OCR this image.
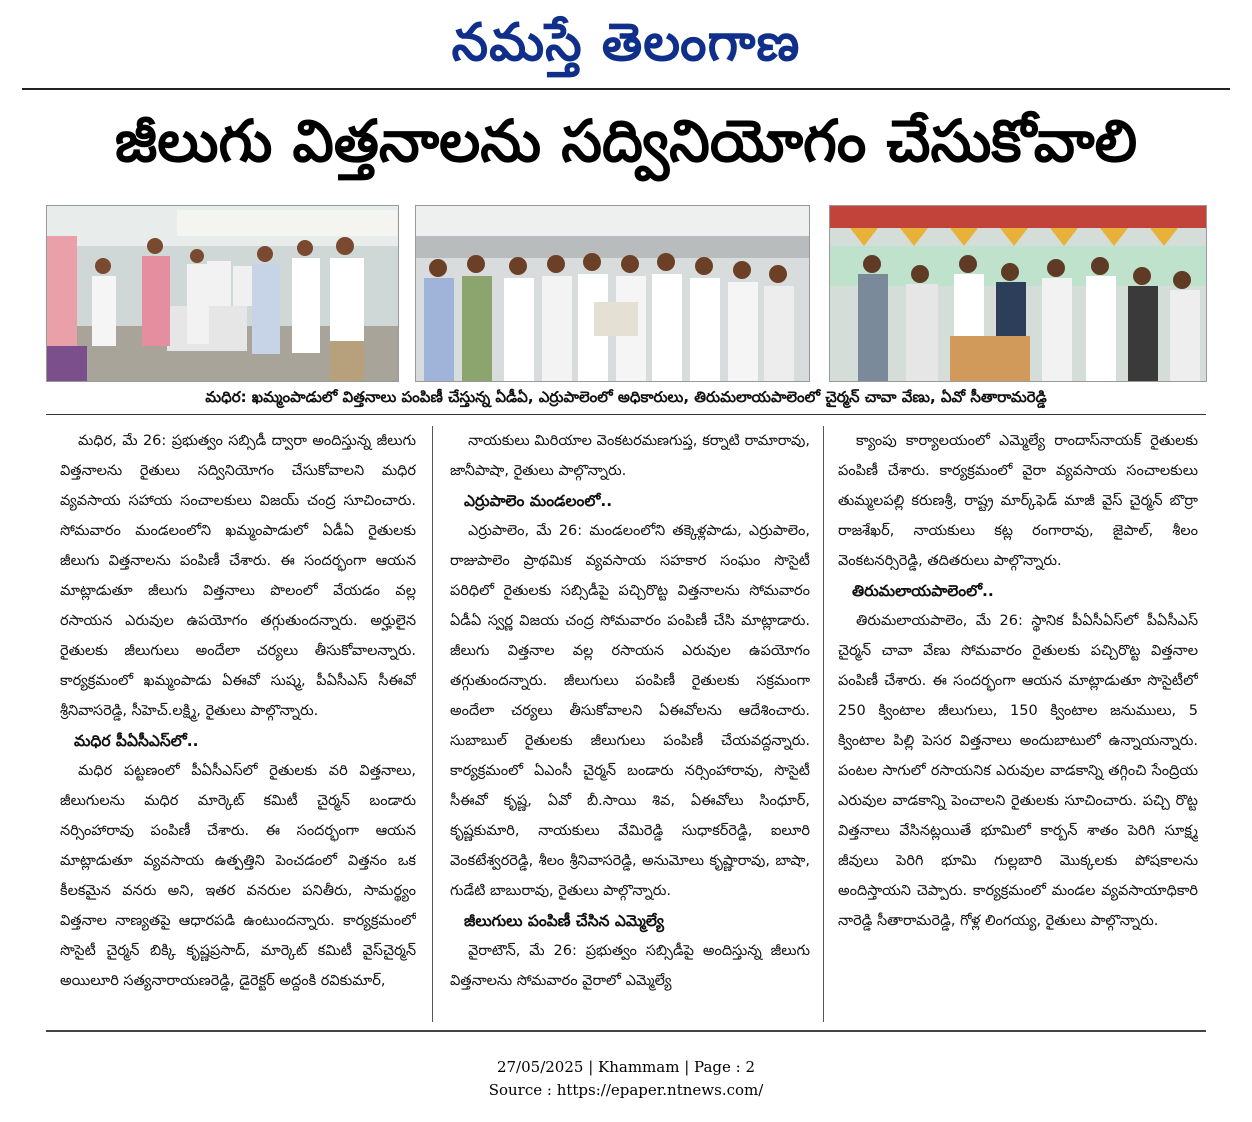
నమస్తే తెలంగాణ
జీలుగు విత్తనాలను సద్వినియోగం చేసుకోవాలి
మధిర: ఖమ్మంపాడులో విత్తనాలు పంపిణీ చేస్తున్న ఏడీఏ, ఎర్రుపాలెంలో అధికారులు, తిరుమలాయపాలెంలో చైర్మన్ చావా వేణు, ఏవో సీతారామరెడ్డి

మధిర, మే 26: ప్రభుత్వం సబ్సిడీ ద్వారా అందిస్తున్న జీలుగు విత్తనాలను రైతులు సద్వినియోగం చేసుకోవాలని మధిర వ్యవసాయ సహాయ సంచాలకులు విజయ్ చంద్ర సూచించారు. సోమవారం మండలంలోని ఖమ్మంపాడులో ఏడీఏ రైతులకు జీలుగు విత్తనాలను పంపిణీ చేశారు. ఈ సందర్భంగా ఆయన మాట్లాడుతూ జీలుగు విత్తనాలు పొలంలో వేయడం వల్ల రసాయన ఎరువుల ఉపయోగం తగ్గుతుందన్నారు. అర్హులైన రైతులకు జీలుగులు అందేలా చర్యలు తీసుకోవాలన్నారు. కార్యక్రమంలో ఖమ్మంపాడు ఏఈవో సుష్మ, పీఏసీఎస్ సీఈవో శ్రీనివాసరెడ్డి, సీహెచ్.లక్ష్మి, రైతులు పాల్గొన్నారు.

మధిర పీఏసీఎస్‌లో..

మధిర పట్టణంలో పీఏసీఎస్‌లో రైతులకు వరి విత్తనాలు, జీలుగులను మధిర మార్కెట్ కమిటీ చైర్మన్ బండారు నర్సింహారావు పంపిణీ చేశారు. ఈ సందర్భంగా ఆయన మాట్లాడుతూ వ్యవసాయ ఉత్పత్తిని పెంచడంలో విత్తనం ఒక కీలకమైన వనరు అని, ఇతర వనరుల పనితీరు, సామర్థ్యం విత్తనాల నాణ్యతపై ఆధారపడి ఉంటుందన్నారు. కార్యక్రమంలో సొసైటీ చైర్మన్ బిక్కి కృష్ణప్రసాద్, మార్కెట్ కమిటీ వైస్‌చైర్మన్ అయిలూరి సత్యనారాయణరెడ్డి, డైరెక్టర్ అద్దంకి రవికుమార్,

నాయకులు మిరియాల వెంకటరమణగుప్త, కర్నాటి రామారావు, జానీపాషా, రైతులు పాల్గొన్నారు.

ఎర్రుపాలెం మండలంలో..

ఎర్రుపాలెం, మే 26: మండలంలోని తక్కెళ్లపాడు, ఎర్రుపాలెం, రాజుపాలెం ప్రాథమిక వ్యవసాయ సహకార సంఘం సొసైటీ పరిధిలో రైతులకు సబ్సిడీపై పచ్చిరొట్ట విత్తనాలను సోమవారం ఏడీఏ స్వర్ణ విజయ చంద్ర సోమవారం పంపిణీ చేసి మాట్లాడారు. జీలుగు విత్తనాల వల్ల రసాయన ఎరువుల ఉపయోగం తగ్గుతుందన్నారు. జీలుగులు పంపిణీ రైతులకు సక్రమంగా అందేలా చర్యలు తీసుకోవాలని ఏఈవోలను ఆదేశించారు. సుబాబుల్ రైతులకు జీలుగులు పంపిణీ చేయవద్దన్నారు. కార్యక్రమంలో ఏఎంసీ చైర్మన్ బండారు నర్సింహారావు, సొసైటీ సీఈవో కృష్ణ, ఏవో బీ.సాయి శివ, ఏఈవోలు సింధూర్, కృష్ణకుమారి, నాయకులు వేమిరెడ్డి సుధాకర్‌రెడ్డి, ఐలూరి వెంకటేశ్వరరెడ్డి, శీలం శ్రీనివాసరెడ్డి, అనుమోలు కృష్ణారావు, బాషా, గుడేటి బాబురావు, రైతులు పాల్గొన్నారు.

జీలుగులు పంపిణీ చేసిన ఎమ్మెల్యే

వైరాటౌన్, మే 26: ప్రభుత్వం సబ్సిడీపై అందిస్తున్న జీలుగు విత్తనాలను సోమవారం వైరాలో ఎమ్మెల్యే

క్యాంపు కార్యాలయంలో ఎమ్మెల్యే రాందాస్‌నాయక్ రైతులకు పంపిణీ చేశారు. కార్యక్రమంలో వైరా వ్యవసాయ సంచాలకులు తుమ్మలపల్లి కరుణశ్రీ, రాష్ట్ర మార్క్‌ఫెడ్ మాజీ వైస్ చైర్మన్ బొర్రా రాజశేఖర్, నాయకులు కట్ల రంగారావు, జైపాల్, శీలం వెంకటనర్సిరెడ్డి, తదితరులు పాల్గొన్నారు.

తిరుమలాయపాలెంలో..

తిరుమలాయపాలెం, మే 26: స్థానిక పీఏసీఏస్‌లో పీఏసీఎస్ చైర్మన్ చావా వేణు సోమవారం రైతులకు పచ్చిరొట్ట విత్తనాల పంపిణీ చేశారు. ఈ సందర్భంగా ఆయన మాట్లాడుతూ సొసైటీలో 250 క్వింటాల జీలుగులు, 150 క్వింటాల జనుములు, 5 క్వింటాల పిల్లి పెసర విత్తనాలు అందుబాటులో ఉన్నాయన్నారు. పంటల సాగులో రసాయనిక ఎరువుల వాడకాన్ని తగ్గించి సేంద్రియ ఎరువుల వాడకాన్ని పెంచాలని రైతులకు సూచించారు. పచ్చి రొట్ట విత్తనాలు వేసినట్లయితే భూమిలో కార్బన్ శాతం పెరిగి సూక్ష్మ జీవులు పెరిగి భూమి గుల్లబారి మొక్కలకు పోషకాలను అందిస్తాయని చెప్పారు. కార్యక్రమంలో మండల వ్యవసాయాధికారి నారెడ్డి సీతారామరెడ్డి, గోళ్ల లింగయ్య, రైతులు పాల్గొన్నారు.

27/05/2025 | Khammam | Page : 2
Source : https://epaper.ntnews.com/
